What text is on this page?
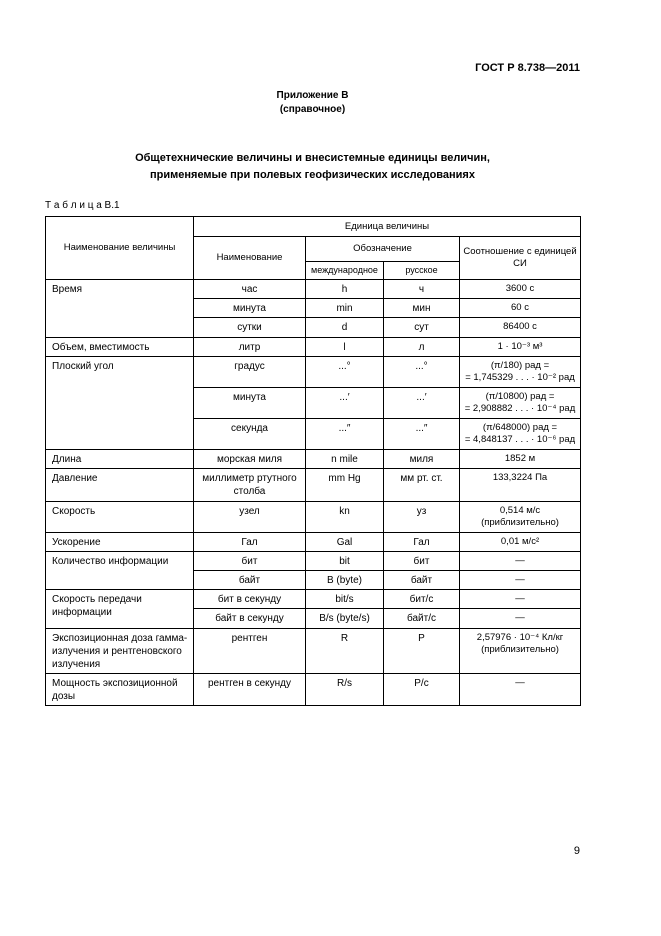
ГОСТ Р 8.738—2011
Приложение В
(справочное)
Общетехнические величины и внесистемные единицы величин,
применяемые при полевых геофизических исследованиях
Т а б л и ц а В.1
Наименование величины	Единица величины			
	Наименование	Обозначение		Соотношение с единицей СИ
		международное	русское	
Время	час	h	ч	3600 с
	минута	min	мин	60 с
	сутки	d	сут	86400 с
Объем, вместимость	литр	l	л	1 · 10⁻³ м³
Плоский угол	градус	...°	...°	(π/180) рад =
= 1,745329 . . . · 10⁻² рад

	минута	...′	...′	(π/10800) рад =
= 2,908882 . . . · 10⁻⁴ рад

	секунда	...″	...″	(π/648000) рад =
= 4,848137 . . . · 10⁻⁶ рад

Длина	морская миля	n mile	миля	1852 м
Давление	миллиметр ртутного столба	mm Hg	мм рт. ст.	133,3224 Па
Скорость	узел	kn	уз	0,514 м/с
(приблизительно)

Ускорение	Гал	Gal	Гал	0,01 м/с²
Количество информации	бит	bit	бит	—
	байт	B (byte)	байт	—
Скорость передачи информации	бит в секунду	bit/s	бит/с	—
	байт в секунду	B/s (byte/s)	байт/с	—
Экспозиционная доза гамма-излучения и рентгеновского излучения	рентген	R	Р	2,57976 · 10⁻⁴ Кл/кг
(приблизительно)

Мощность экспозиционной дозы	рентген в секунду	R/s	Р/с	—
9
